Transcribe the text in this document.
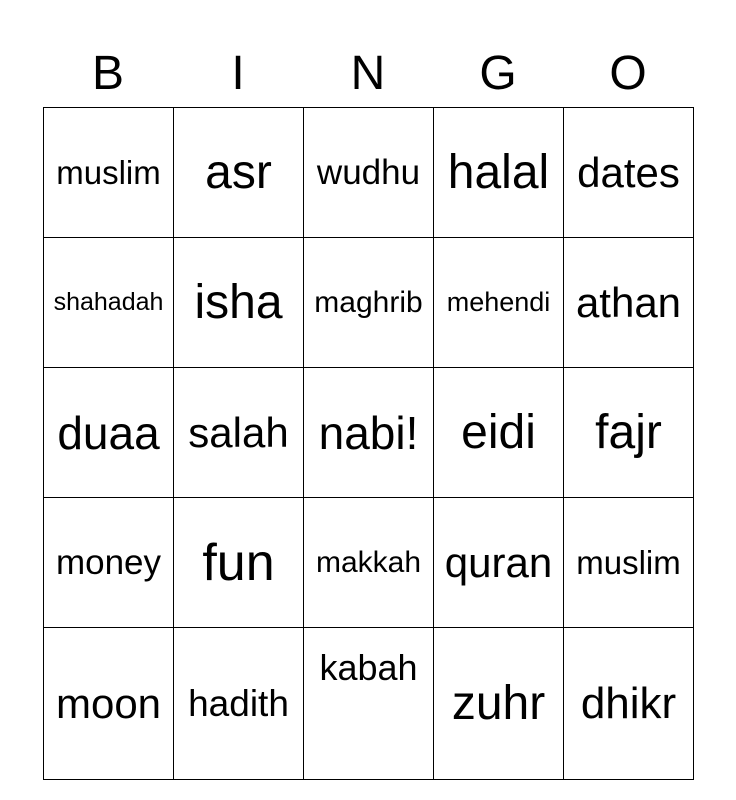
B	I	N	G	O
muslim	asr	wudhu	halal	dates
shahadah	isha	maghrib	mehendi	athan
duaa	salah	nabi!	eidi	fajr
money	fun	makkah	quran	muslim
moon	hadith	kabah	zuhr	dhikr
